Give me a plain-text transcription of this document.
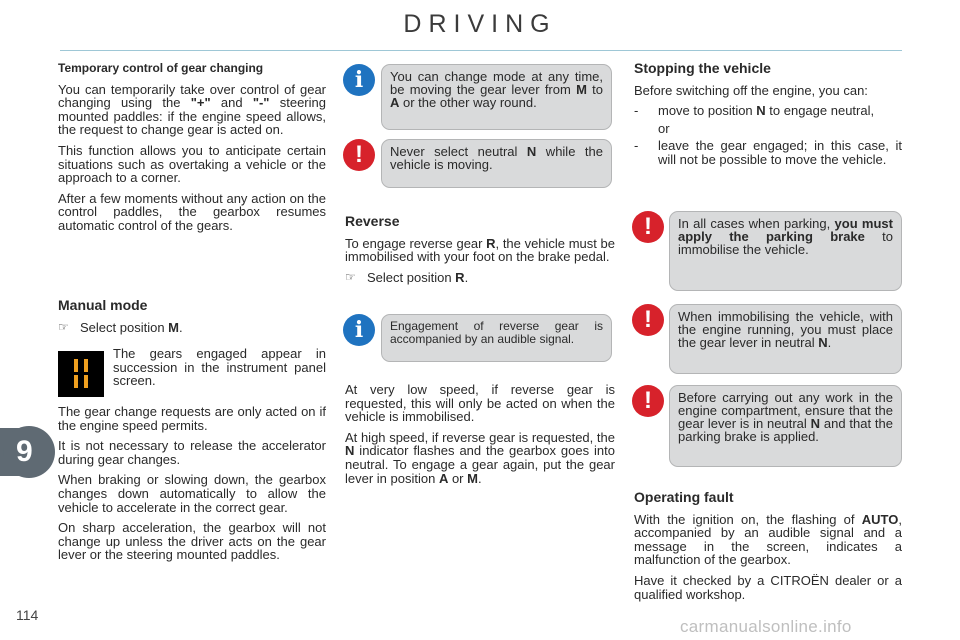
DRIVING
Temporary control of gear changing

You can temporarily take over control of gear changing using the "+" and "-" steering mounted paddles: if the engine speed allows, the request to change gear is acted on.

This function allows you to anticipate certain situations such as overtaking a vehicle or the approach to a corner.

After a few moments without any action on the control paddles, the gearbox resumes automatic control of the gears.

Manual mode
☞ Select position M.

The gears engaged appear in succession in the instrument panel screen.

The gear change requests are only acted on if the engine speed permits.

It is not necessary to release the accelerator during gear changes.

When braking or slowing down, the gearbox changes down automatically to allow the vehicle to accelerate in the correct gear.

On sharp acceleration, the gearbox will not change up unless the driver acts on the gear lever or the steering mounted paddles.

i	You can change mode at any time, be moving the gear lever from M to A or the other way round.
!	Never select neutral N while the vehicle is moving.
Reverse

To engage reverse gear R, the vehicle must be immobilised with your foot on the brake pedal.

☞ Select position R.
i	Engagement of reverse gear is accompanied by an audible signal.

At very low speed, if reverse gear is requested, this will only be acted on when the vehicle is immobilised.

At high speed, if reverse gear is requested, the N indicator flashes and the gearbox goes into neutral. To engage a gear again, put the gear lever in position A or M.

Stopping the vehicle

Before switching off the engine, you can:

-	move to position N to engage neutral,
or
-	leave the gear engaged; in this case, it will not be possible to move the vehicle.
!	In all cases when parking, you must apply the parking brake to immobilise the vehicle.
!	When immobilising the vehicle, with the engine running, you must place the gear lever in neutral N.
!	Before carrying out any work in the engine compartment, ensure that the gear lever is in neutral N and that the parking brake is applied.
Operating fault

With the ignition on, the flashing of AUTO, accompanied by an audible signal and a message in the screen, indicates a malfunction of the gearbox.

Have it checked by a CITROËN dealer or a qualified workshop.

9
114
carmanualsonline.info
